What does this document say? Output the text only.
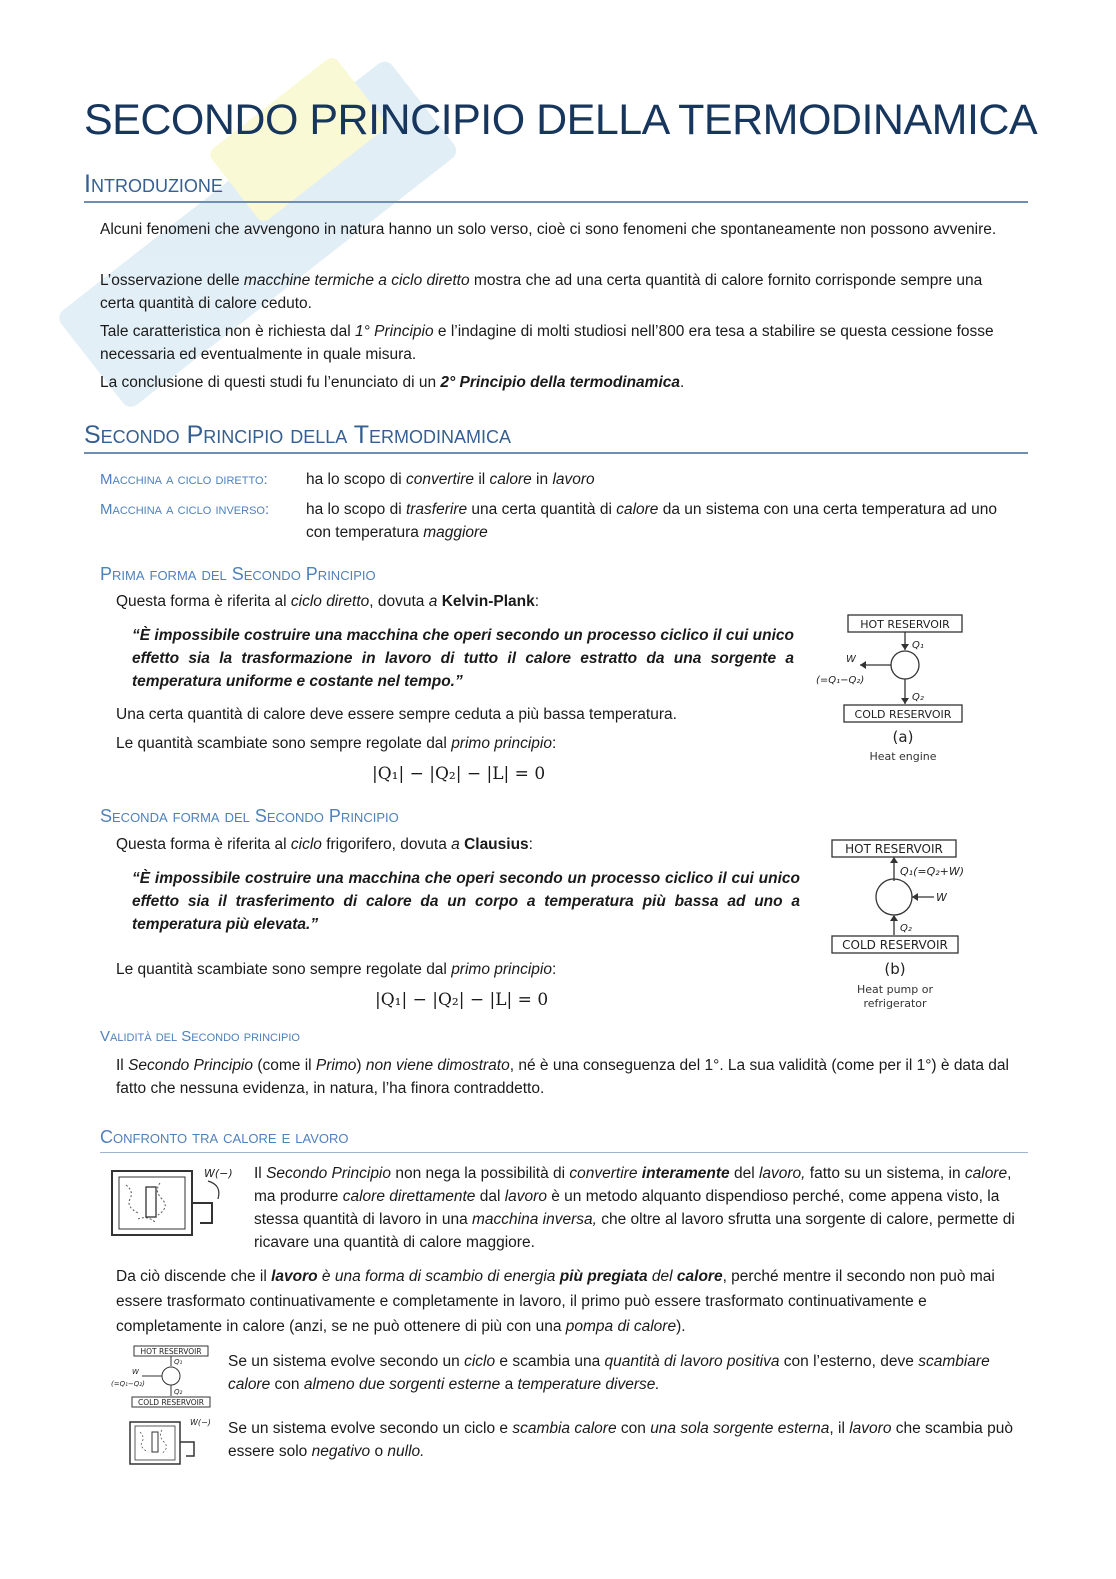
SECONDO PRINCIPIO DELLA TERMODINAMICA
Introduzione

Alcuni fenomeni che avvengono in natura hanno un solo verso, cioè ci sono fenomeni che spontaneamente non possono avvenire.

L’osservazione delle macchine termiche a ciclo diretto mostra che ad una certa quantità di calore fornito corrisponde sempre una certa quantità di calore ceduto.

Tale caratteristica non è richiesta dal 1° Principio e l’indagine di molti studiosi nell’800 era tesa a stabilire se questa cessione fosse necessaria ed eventualmente in quale misura.

La conclusione di questi studi fu l’enunciato di un 2° Principio della termodinamica.

Secondo Principio della Termodinamica
Macchina a ciclo diretto: ha lo scopo di convertire il calore in lavoro

Macchina a ciclo inverso: ha lo scopo di trasferire una certa quantità di calore da un sistema con una certa temperatura ad uno con temperatura maggiore

Prima forma del Secondo Principio

Questa forma è riferita al ciclo diretto, dovuta a Kelvin-Plank:

“È impossibile costruire una macchina che operi secondo un processo ciclico il cui unico effetto sia la trasformazione in lavoro di tutto il calore estratto da una sorgente a temperatura uniforme e costante nel tempo.”

Una certa quantità di calore deve essere sempre ceduta a più bassa temperatura.

Le quantità scambiate sono sempre regolate dal primo principio:

|Q₁| − |Q₂| − |L| = 0
HOT RESERVOIR
Q₁
W
(=Q₁−Q₂)
Q₂
COLD RESERVOIR
(a)
Heat engine
Seconda forma del Secondo Principio

Questa forma è riferita al ciclo frigorifero, dovuta a Clausius:

“È impossibile costruire una macchina che operi secondo un processo ciclico il cui unico effetto sia il trasferimento di calore da un corpo a temperatura più bassa ad uno a temperatura più elevata.”

Le quantità scambiate sono sempre regolate dal primo principio:

|Q₁| − |Q₂| − |L| = 0
HOT RESERVOIR
Q₁(=Q₂+W)
W
Q₂
COLD RESERVOIR
(b)
Heat pump or
refrigerator
Validità del Secondo principio

Il Secondo Principio (come il Primo) non viene dimostrato, né è una conseguenza del 1°. La sua validità (come per il 1°) è data dal fatto che nessuna evidenza, in natura, l’ha finora contraddetto.

Confronto tra calore e lavoro
W(−) Il Secondo Principio non nega la possibilità di convertire interamente del lavoro, fatto su un sistema, in calore, ma produrre calore direttamente dal lavoro è un metodo alquanto dispendioso perché, come appena visto, la stessa quantità di lavoro in una macchina inversa, che oltre al lavoro sfrutta una sorgente di calore, permette di ricavare una quantità di calore maggiore.

Da ciò discende che il lavoro è una forma di scambio di energia più pregiata del calore, perché mentre il secondo non può mai essere trasformato continuativamente e completamente in lavoro, il primo può essere trasformato continuativamente e completamente in calore (anzi, se ne può ottenere di più con una pompa di calore).

HOT RESERVOIR
Q₁
W
(=Q₁−Q₂)
Q₂
COLD RESERVOIR

Se un sistema evolve secondo un ciclo e scambia una quantità di lavoro positiva con l’esterno, deve scambiare calore con almeno due sorgenti esterne a temperature diverse.

W(−) Se un sistema evolve secondo un ciclo e scambia calore con una sola sorgente esterna, il lavoro che scambia può essere solo negativo o nullo.
